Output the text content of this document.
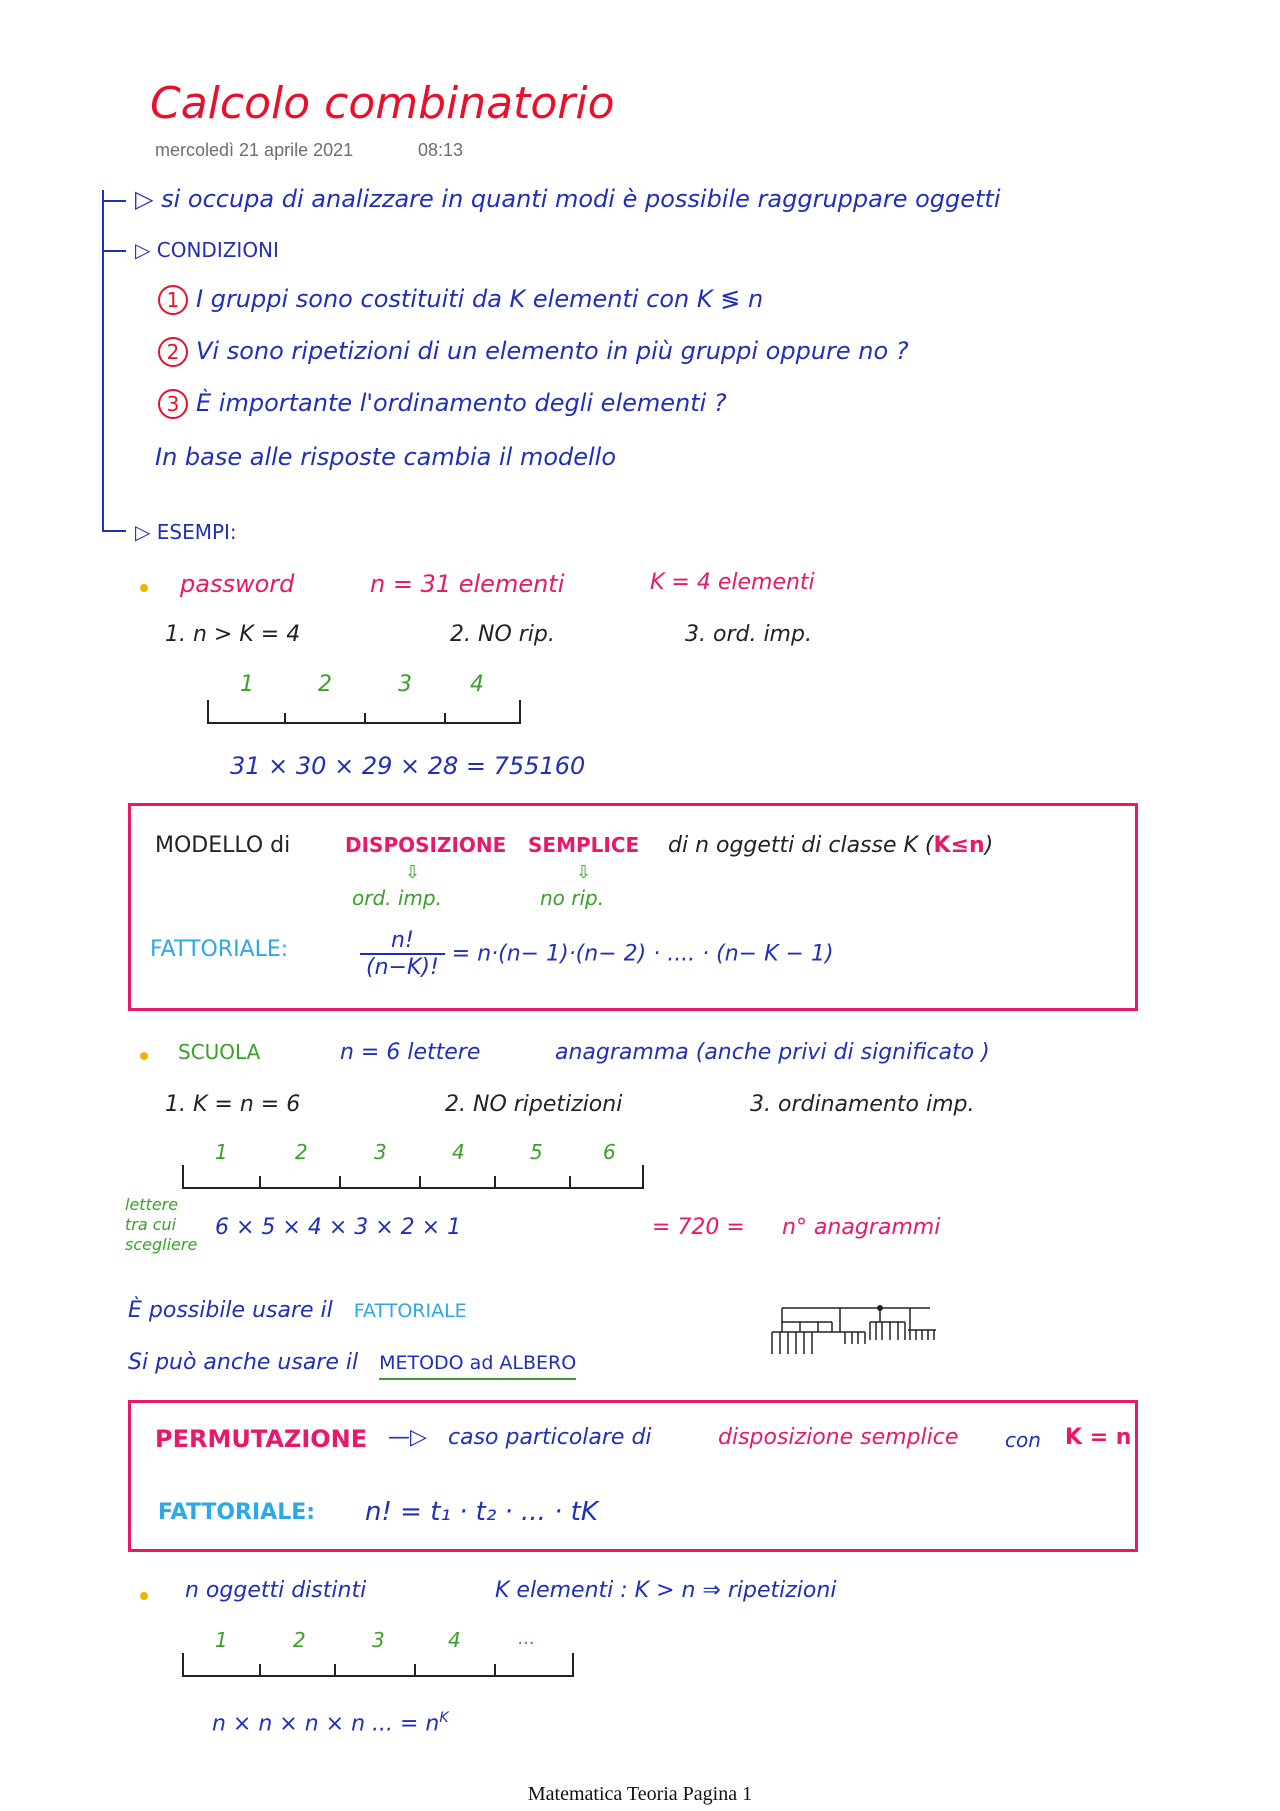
Calcolo combinatorio
mercoledì 21 aprile 2021	08:13
▷ si occupa di analizzare in quanti modi è possibile raggruppare oggetti
▷ CONDIZIONI
1 I gruppi sono costituiti da K elementi con K ≶ n
2 Vi sono ripetizioni di un elemento in più gruppi oppure no ?
3 È importante l'ordinamento degli elementi ?
In base alle risposte cambia il modello
▷ ESEMPI:
password	n = 31 elementi	K = 4 elementi
1. n > K = 4	2. NO rip.	3. ord. imp.
1	2	3	4
31 × 30 × 29 × 28 = 755160
MODELLO di	DISPOSIZIONE SEMPLICE di n oggetti di classe K (K≤n)
⇩	⇩
ord. imp.	no rip.
FATTORIALE:	$\frac{n!}{(n-K)!} = n\cdot(n- 1)\cdot(n- 2)$ · .... · (n− K − 1)
SCUOLA	n = 6 lettere	anagramma (anche privi di significato )
1. K = n = 6	2. NO ripetizioni	3. ordinamento imp.
1	2	3	4	5	6
lettere
tra cui
scegliere
6 × 5 × 4 × 3 × 2 × 1	= 720 = n° anagrammi
È possibile usare il FATTORIALE
Si può anche usare il METODO ad ALBERO
PERMUTAZIONE —▷ caso particolare di	disposizione semplice con K = n
FATTORIALE: n! = t₁ · t₂ · ... · tK
n oggetti distinti	K elementi : K > n ⇒ ripetizioni
1	2	3	4	...
n × n × n × n ... = $n^K$
Matematica Teoria Pagina 1
